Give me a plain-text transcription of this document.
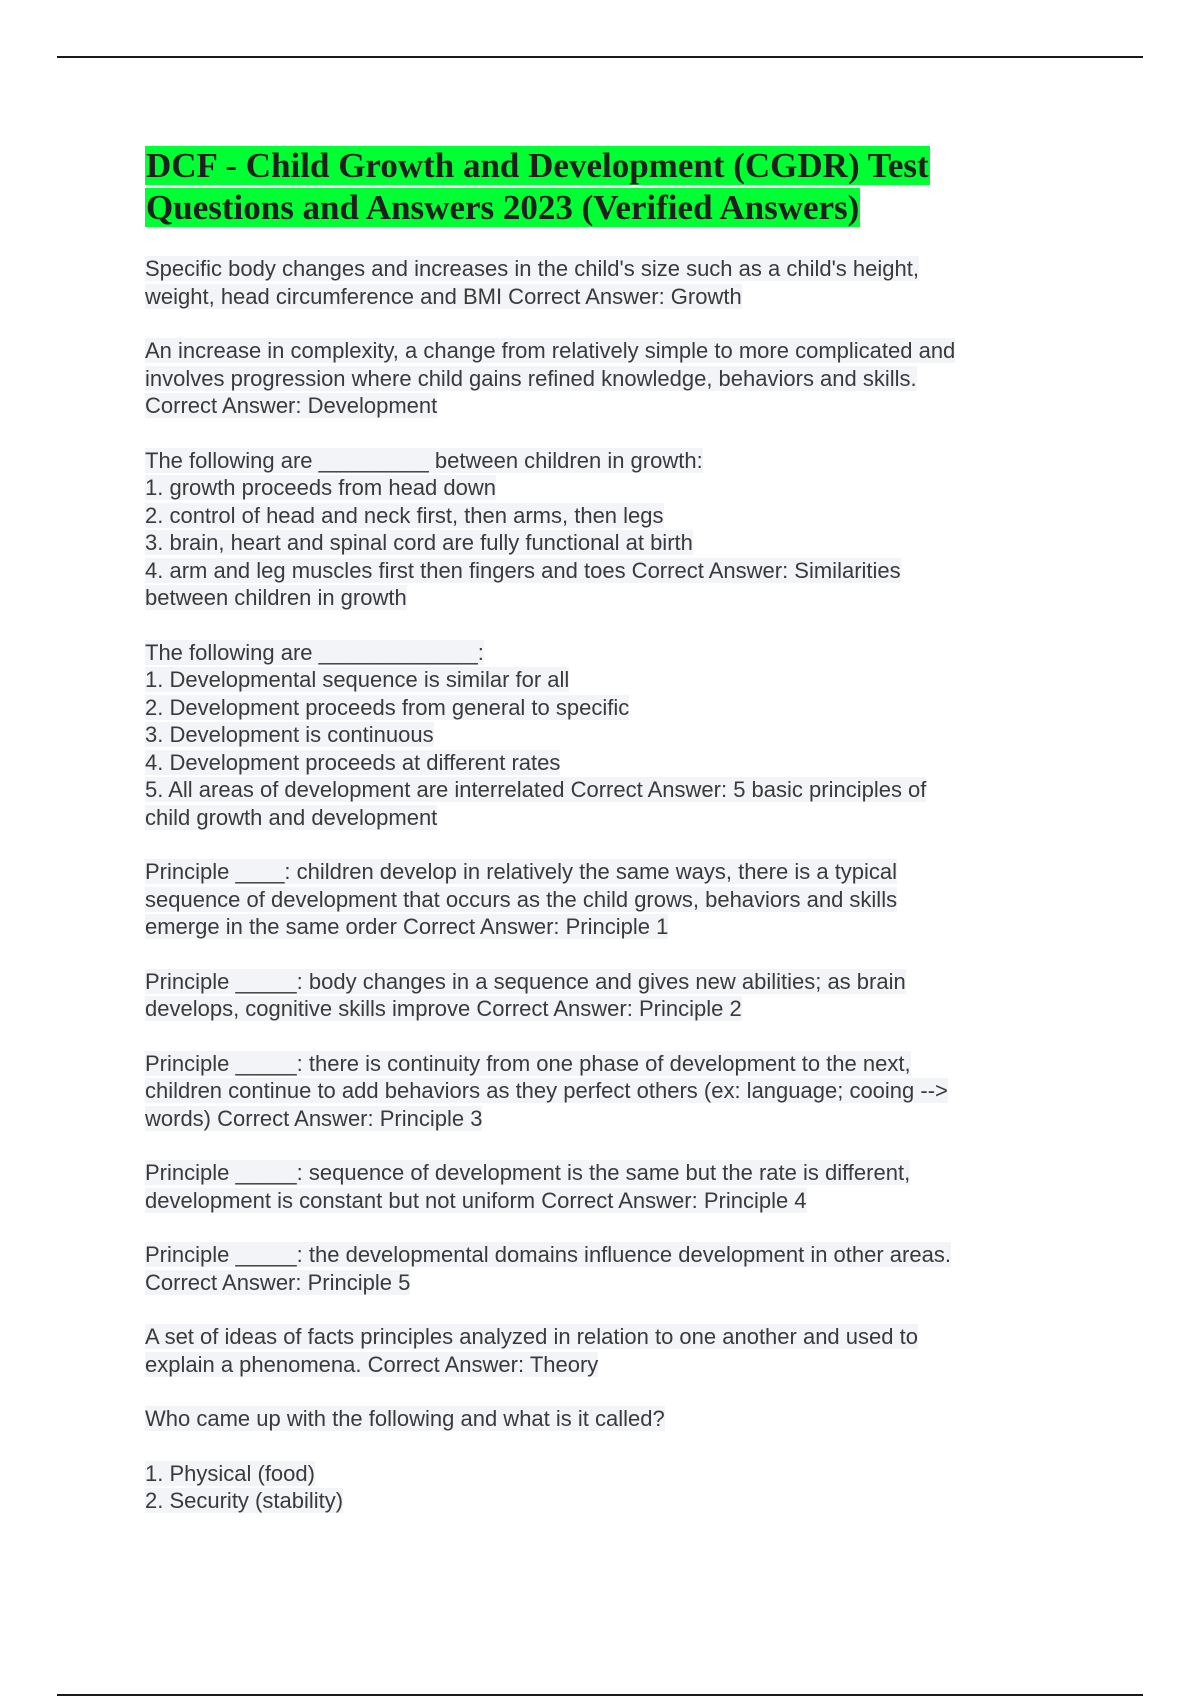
DCF - Child Growth and Development (CGDR) Test Questions and Answers 2023 (Verified Answers)
Specific body changes and increases in the child's size such as a child's height,
weight, head circumference and BMI Correct Answer: Growth
An increase in complexity, a change from relatively simple to more complicated and
involves progression where child gains refined knowledge, behaviors and skills.
Correct Answer: Development
The following are _________ between children in growth:
1. growth proceeds from head down
2. control of head and neck first, then arms, then legs
3. brain, heart and spinal cord are fully functional at birth
4. arm and leg muscles first then fingers and toes Correct Answer: Similarities
between children in growth
The following are _____________:
1. Developmental sequence is similar for all
2. Development proceeds from general to specific
3. Development is continuous
4. Development proceeds at different rates
5. All areas of development are interrelated Correct Answer: 5 basic principles of
child growth and development
Principle ____: children develop in relatively the same ways, there is a typical
sequence of development that occurs as the child grows, behaviors and skills
emerge in the same order Correct Answer: Principle 1
Principle _____: body changes in a sequence and gives new abilities; as brain
develops, cognitive skills improve Correct Answer: Principle 2
Principle _____: there is continuity from one phase of development to the next,
children continue to add behaviors as they perfect others (ex: language; cooing -->
words) Correct Answer: Principle 3
Principle _____: sequence of development is the same but the rate is different,
development is constant but not uniform Correct Answer: Principle 4
Principle _____: the developmental domains influence development in other areas.
Correct Answer: Principle 5
A set of ideas of facts principles analyzed in relation to one another and used to
explain a phenomena. Correct Answer: Theory
Who came up with the following and what is it called?
1. Physical (food)
2. Security (stability)
